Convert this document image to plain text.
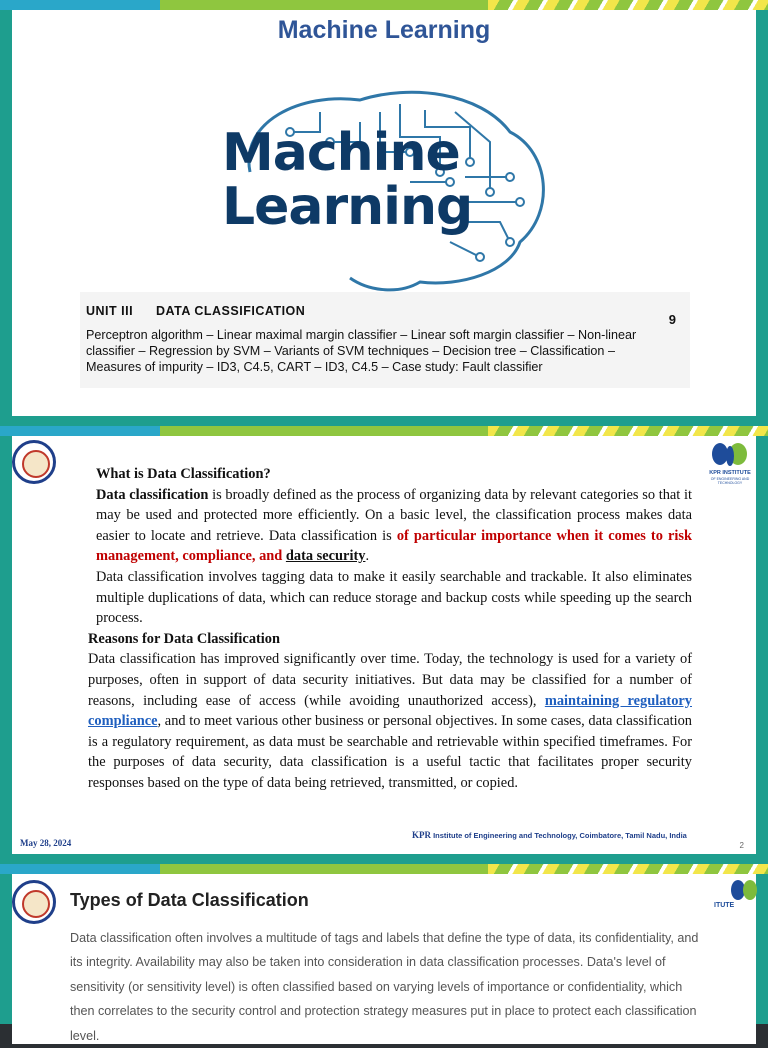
Machine Learning
Machine
Learning
UNIT III DATA CLASSIFICATION
9
Perceptron algorithm – Linear maximal margin classifier – Linear soft margin classifier – Non-linear
classifier – Regression by SVM – Variants of SVM techniques – Decision tree – Classification –
Measures of impurity – ID3, C4.5, CART – ID3, C4.5 – Case study: Fault classifier
KPR INSTITUTE
OF ENGINEERING AND TECHNOLOGY

What is Data Classification?

Data classification is broadly defined as the process of organizing data by relevant categories so that it may be used and protected more efficiently. On a basic level, the classification process makes data easier to locate and retrieve. Data classification is of particular importance when it comes to risk management, compliance, and data security.

Data classification involves tagging data to make it easily searchable and trackable. It also eliminates multiple duplications of data, which can reduce storage and backup costs while speeding up the search process.

Reasons for Data Classification

Data classification has improved significantly over time. Today, the technology is used for a variety of purposes, often in support of data security initiatives. But data may be classified for a number of reasons, including ease of access (while avoiding unauthorized access), maintaining regulatory compliance, and to meet various other business or personal objectives. In some cases, data classification is a regulatory requirement, as data must be searchable and retrievable within specified timeframes. For the purposes of data security, data classification is a useful tactic that facilitates proper security responses based on the type of data being retrieved, transmitted, or copied.

KPR Institute of Engineering and Technology, Coimbatore, Tamil Nadu, India
2
May 28, 2024
Types of Data Classification
Data classification often involves a multitude of tags and labels that define the type of data, its confidentiality, and its integrity. Availability may also be taken into consideration in data classification processes. Data's level of sensitivity (or sensitivity level) is often classified based on varying levels of importance or confidentiality, which then correlates to the security control and protection strategy measures put in place to protect each classification level.
ITUTE
